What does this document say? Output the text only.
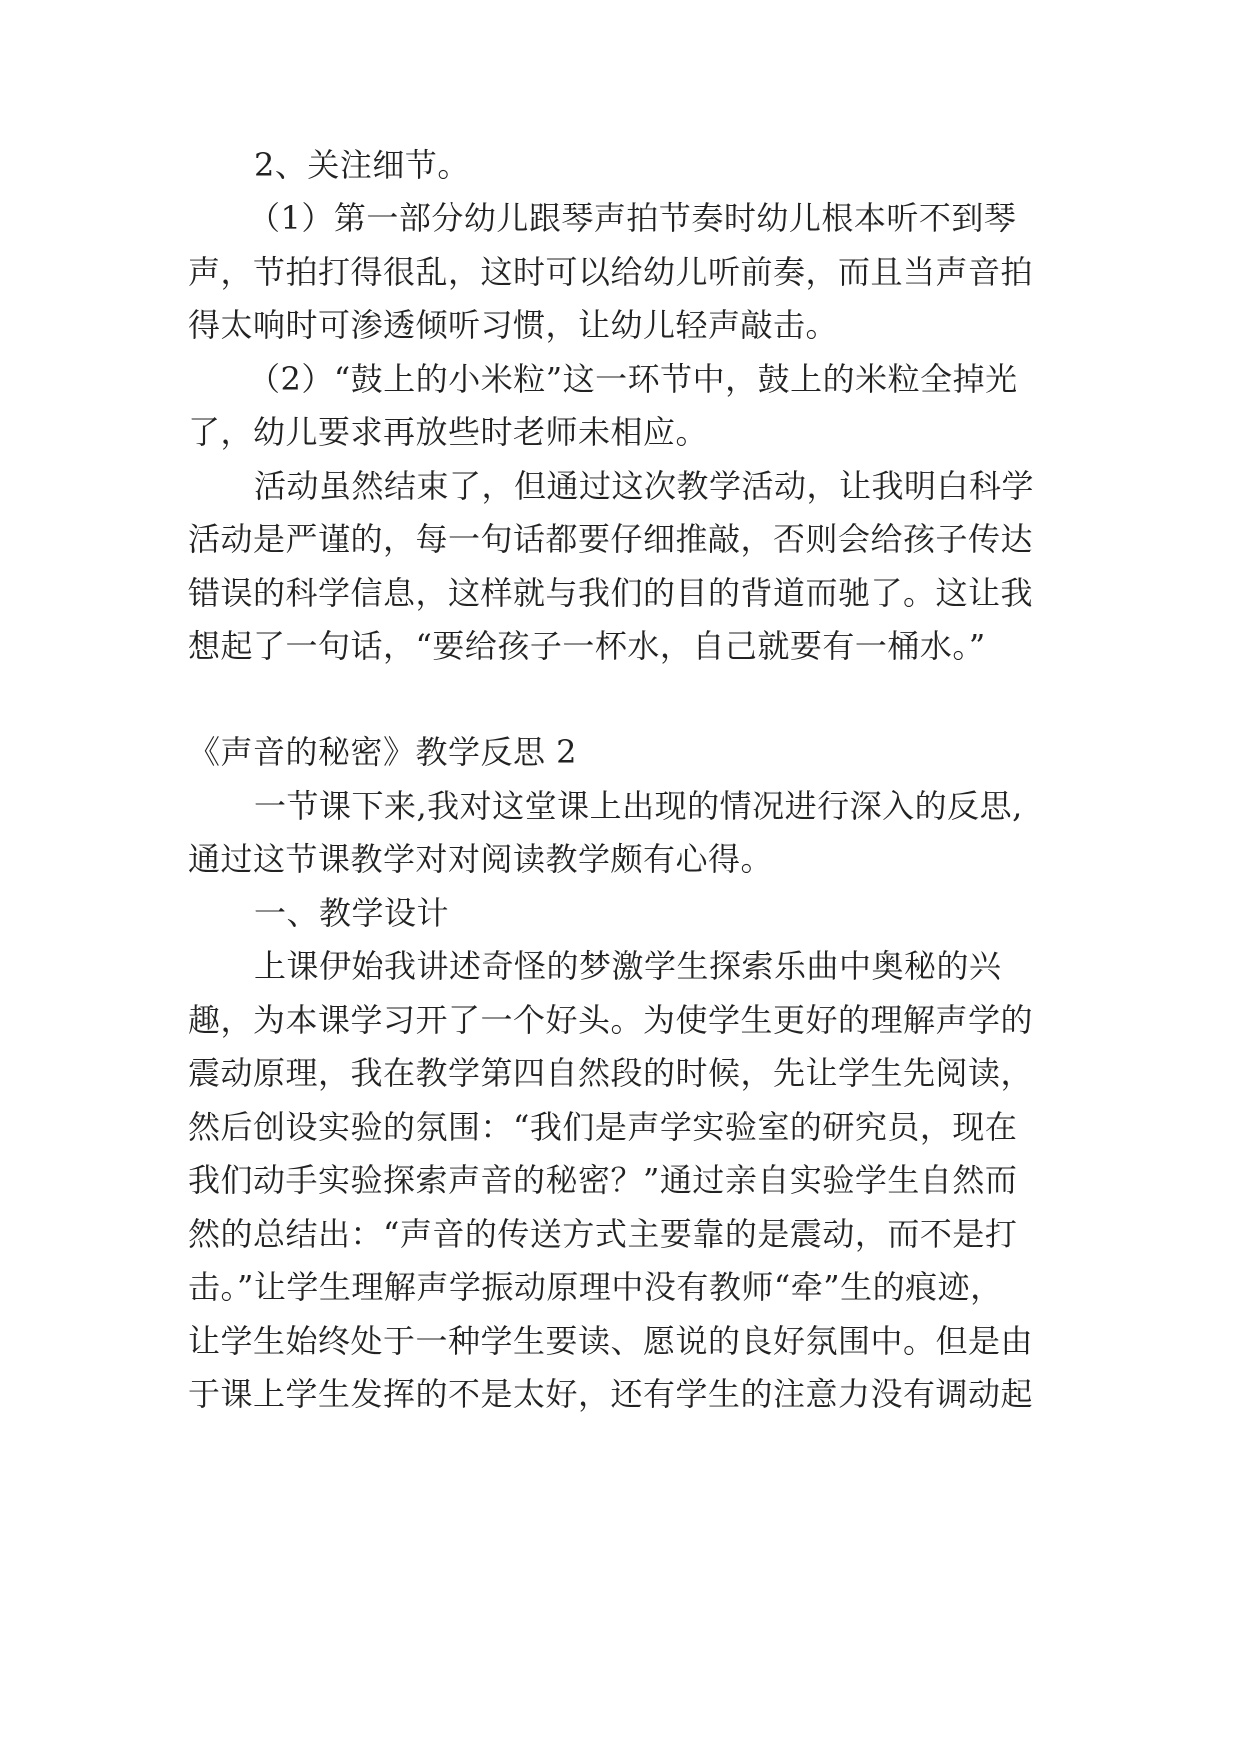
2、关注细节。
（1）第一部分幼儿跟琴声拍节奏时幼儿根本听不到琴
声，节拍打得很乱，这时可以给幼儿听前奏，而且当声音拍
得太响时可渗透倾听习惯，让幼儿轻声敲击。
（2）“鼓上的小米粒”这一环节中，鼓上的米粒全掉光
了，幼儿要求再放些时老师未相应。
活动虽然结束了，但通过这次教学活动，让我明白科学
活动是严谨的，每一句话都要仔细推敲，否则会给孩子传达
错误的科学信息，这样就与我们的目的背道而驰了。这让我
想起了一句话，“要给孩子一杯水，自己就要有一桶水。”
《声音的秘密》教学反思 2
一节课下来,我对这堂课上出现的情况进行深入的反思,
通过这节课教学对对阅读教学颇有心得。
一、教学设计
上课伊始我讲述奇怪的梦激学生探索乐曲中奥秘的兴
趣，为本课学习开了一个好头。为使学生更好的理解声学的
震动原理，我在教学第四自然段的时候，先让学生先阅读，
然后创设实验的氛围：“我们是声学实验室的研究员，现在
我们动手实验探索声音的秘密？”通过亲自实验学生自然而
然的总结出：“声音的传送方式主要靠的是震动，而不是打
击。”让学生理解声学振动原理中没有教师“牵”生的痕迹，
让学生始终处于一种学生要读、愿说的良好氛围中。但是由
于课上学生发挥的不是太好，还有学生的注意力没有调动起
